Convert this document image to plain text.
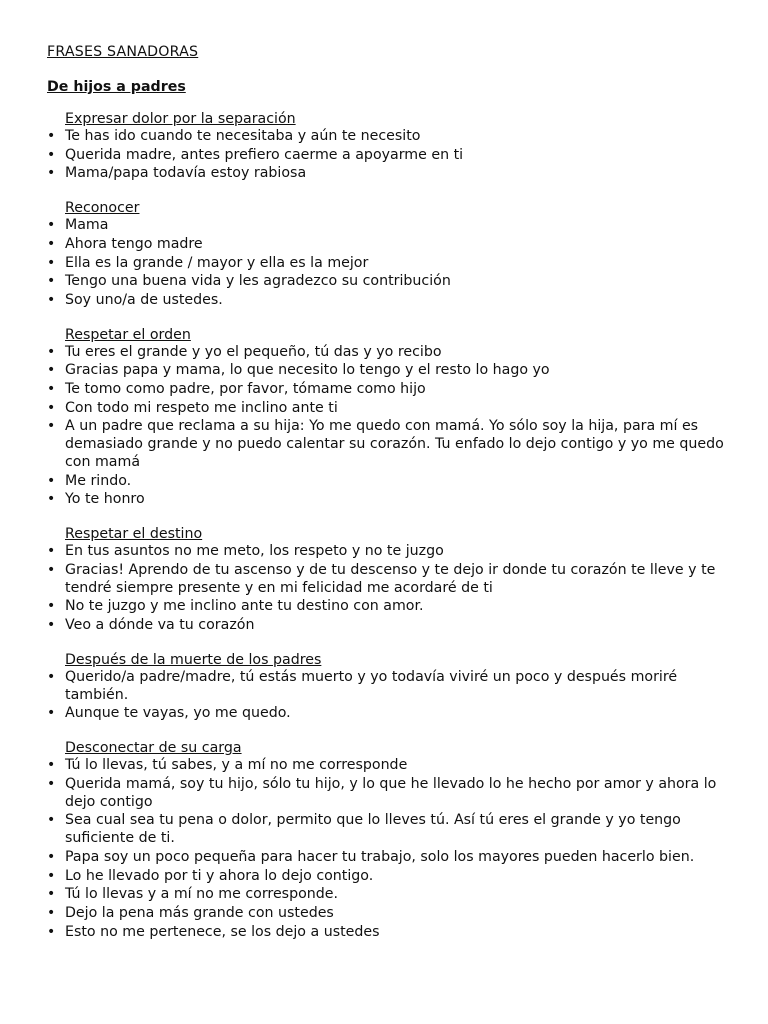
FRASES SANADORAS
De hijos a padres
Expresar dolor por la separación
• Te has ido cuando te necesitaba y aún te necesito
• Querida madre, antes prefiero caerme a apoyarme en ti
• Mama/papa todavía estoy rabiosa
Reconocer
• Mama
• Ahora tengo madre
• Ella es la grande / mayor y ella es la mejor
• Tengo una buena vida y les agradezco su contribución
• Soy uno/a de ustedes.
Respetar el orden
• Tu eres el grande y yo el pequeño, tú das y yo recibo
• Gracias papa y mama, lo que necesito lo tengo y el resto lo hago yo
• Te tomo como padre, por favor, tómame como hijo
• Con todo mi respeto me inclino ante ti
• A un padre que reclama a su hija: Yo me quedo con mamá. Yo sólo soy la hija, para mí es demasiado grande y no puedo calentar su corazón. Tu enfado lo dejo contigo y yo me quedo con mamá
• Me rindo.
• Yo te honro
Respetar el destino
• En tus asuntos no me meto, los respeto y no te juzgo
• Gracias! Aprendo de tu ascenso y de tu descenso y te dejo ir donde tu corazón te lleve y te tendré siempre presente y en mi felicidad me acordaré de ti
• No te juzgo y me inclino ante tu destino con amor.
• Veo a dónde va tu corazón
Después de la muerte de los padres
• Querido/a padre/madre, tú estás muerto y yo todavía viviré un poco y después moriré también.
• Aunque te vayas, yo me quedo.
Desconectar de su carga
• Tú lo llevas, tú sabes, y a mí no me corresponde
• Querida mamá, soy tu hijo, sólo tu hijo, y lo que he llevado lo he hecho por amor y ahora lo dejo contigo
• Sea cual sea tu pena o dolor, permito que lo lleves tú. Así tú eres el grande y yo tengo suficiente de ti.
• Papa soy un poco pequeña para hacer tu trabajo, solo los mayores pueden hacerlo bien.
• Lo he llevado por ti y ahora lo dejo contigo.
• Tú lo llevas y a mí no me corresponde.
• Dejo la pena más grande con ustedes
• Esto no me pertenece, se los dejo a ustedes
